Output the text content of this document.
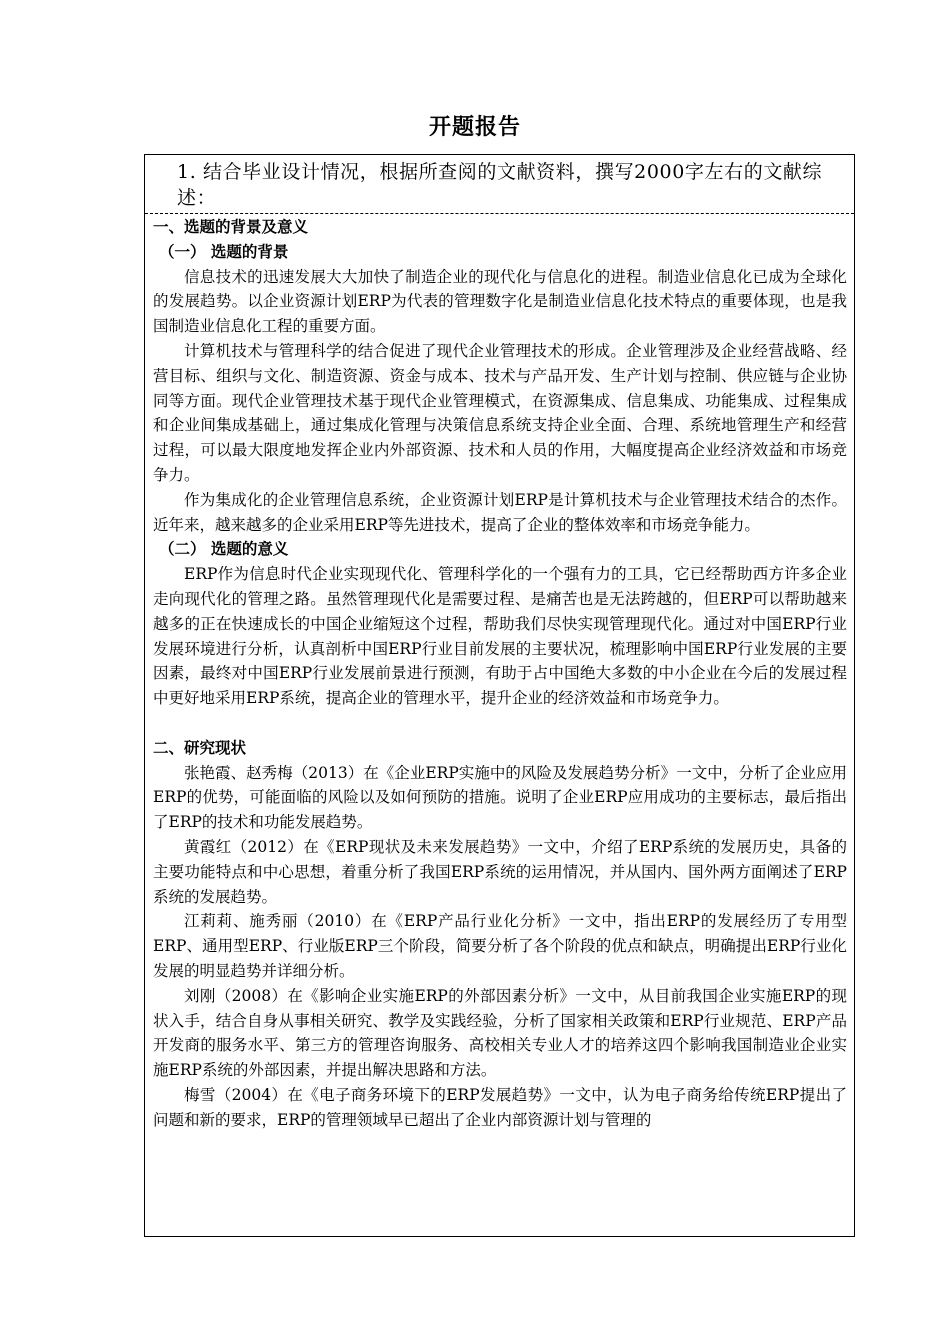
开题报告
1. 结合毕业设计情况，根据所查阅的文献资料，撰写2000字左右的文献综述：
一、选题的背景及意义
（一） 选题的背景

信息技术的迅速发展大大加快了制造企业的现代化与信息化的进程。制造业信息化已成为全球化的发展趋势。以企业资源计划ERP为代表的管理数字化是制造业信息化技术特点的重要体现，也是我国制造业信息化工程的重要方面。

计算机技术与管理科学的结合促进了现代企业管理技术的形成。企业管理涉及企业经营战略、经营目标、组织与文化、制造资源、资金与成本、技术与产品开发、生产计划与控制、供应链与企业协同等方面。现代企业管理技术基于现代企业管理模式，在资源集成、信息集成、功能集成、过程集成和企业间集成基础上，通过集成化管理与决策信息系统支持企业全面、合理、系统地管理生产和经营过程，可以最大限度地发挥企业内外部资源、技术和人员的作用，大幅度提高企业经济效益和市场竞争力。

作为集成化的企业管理信息系统，企业资源计划ERP是计算机技术与企业管理技术结合的杰作。近年来，越来越多的企业采用ERP等先进技术，提高了企业的整体效率和市场竞争能力。

（二） 选题的意义

ERP作为信息时代企业实现现代化、管理科学化的一个强有力的工具，它已经帮助西方许多企业走向现代化的管理之路。虽然管理现代化是需要过程、是痛苦也是无法跨越的，但ERP可以帮助越来越多的正在快速成长的中国企业缩短这个过程，帮助我们尽快实现管理现代化。通过对中国ERP行业发展环境进行分析，认真剖析中国ERP行业目前发展的主要状况，梳理影响中国ERP行业发展的主要因素，最终对中国ERP行业发展前景进行预测，有助于占中国绝大多数的中小企业在今后的发展过程中更好地采用ERP系统，提高企业的管理水平，提升企业的经济效益和市场竞争力。

二、研究现状

张艳霞、赵秀梅（2013）在《企业ERP实施中的风险及发展趋势分析》一文中，分析了企业应用ERP的优势，可能面临的风险以及如何预防的措施。说明了企业ERP应用成功的主要标志，最后指出了ERP的技术和功能发展趋势。

黄霞红（2012）在《ERP现状及未来发展趋势》一文中，介绍了ERP系统的发展历史，具备的主要功能特点和中心思想，着重分析了我国ERP系统的运用情况，并从国内、国外两方面阐述了ERP系统的发展趋势。

江莉莉、施秀丽（2010）在《ERP产品行业化分析》一文中，指出ERP的发展经历了专用型ERP、通用型ERP、行业版ERP三个阶段，简要分析了各个阶段的优点和缺点，明确提出ERP行业化发展的明显趋势并详细分析。

刘刚（2008）在《影响企业实施ERP的外部因素分析》一文中，从目前我国企业实施ERP的现状入手，结合自身从事相关研究、教学及实践经验，分析了国家相关政策和ERP行业规范、ERP产品开发商的服务水平、第三方的管理咨询服务、高校相关专业人才的培养这四个影响我国制造业企业实施ERP系统的外部因素，并提出解决思路和方法。

梅雪（2004）在《电子商务环境下的ERP发展趋势》一文中，认为电子商务给传统ERP提出了问题和新的要求，ERP的管理领域早已超出了企业内部资源计划与管理的
